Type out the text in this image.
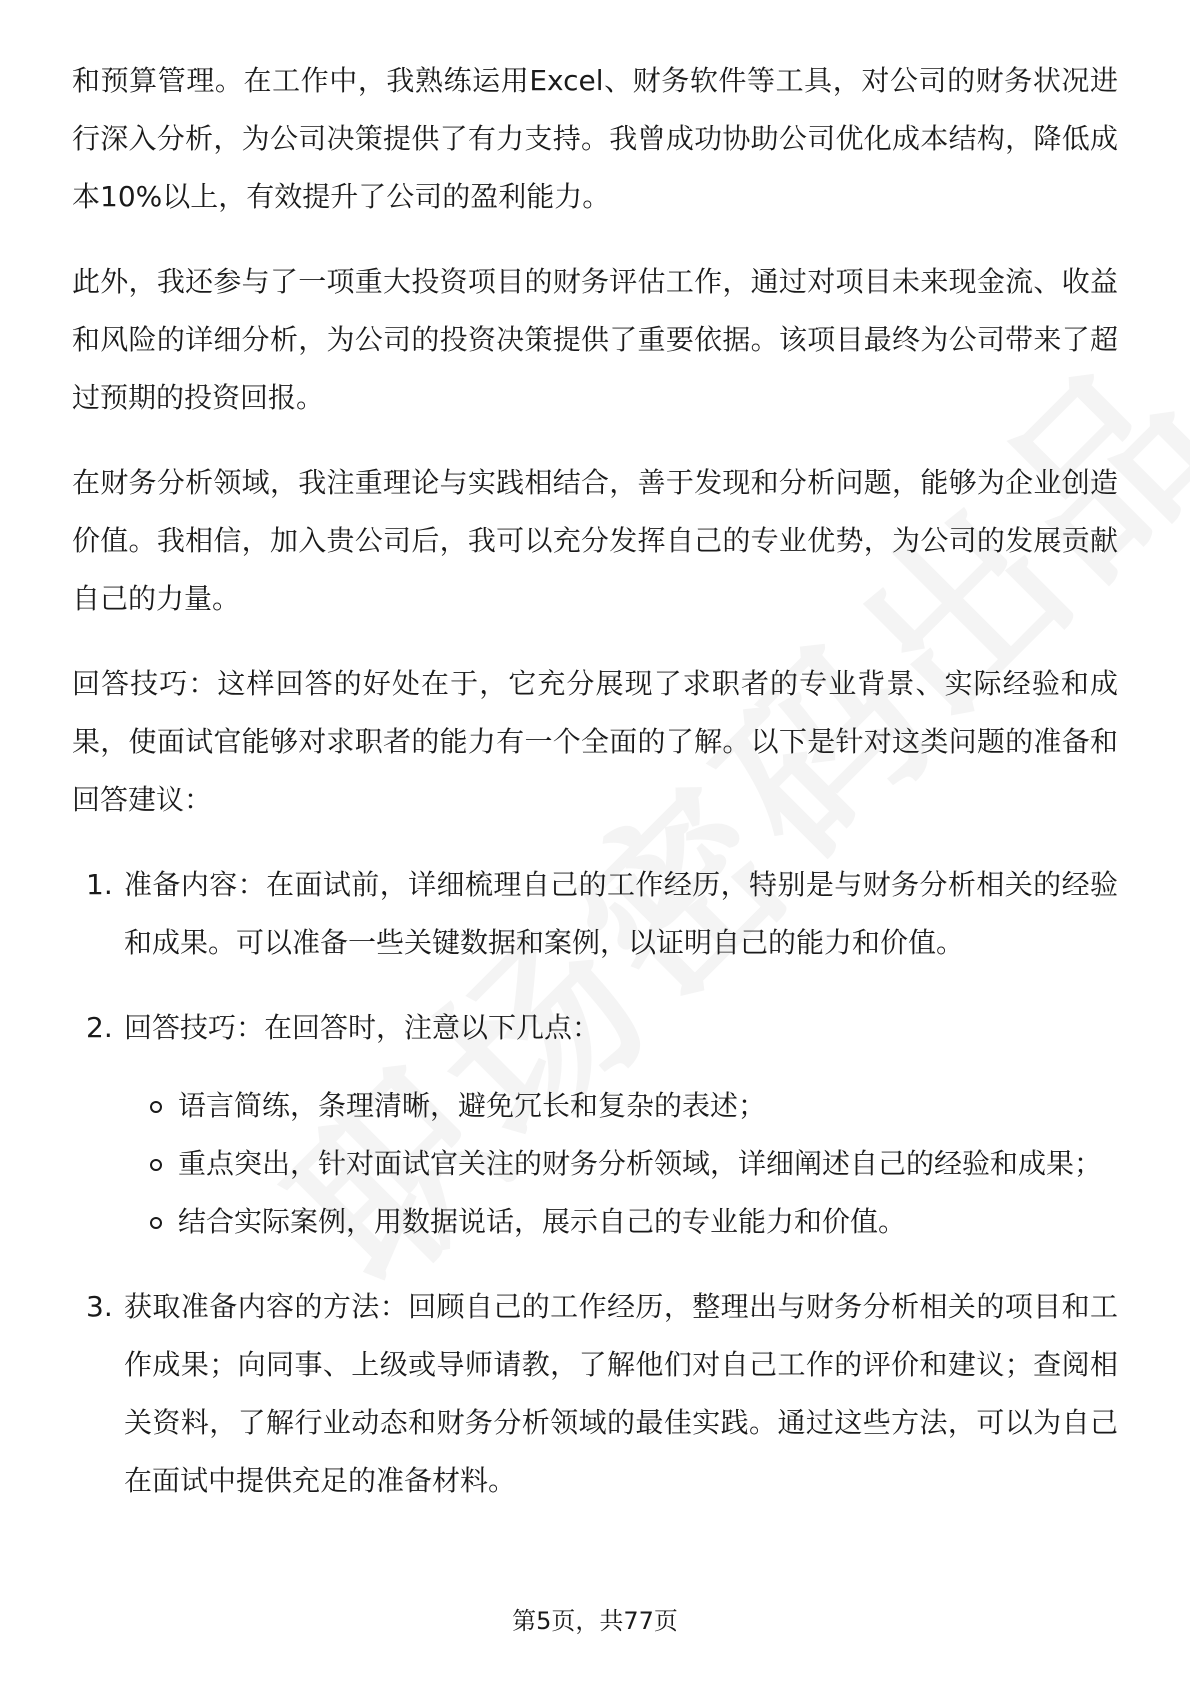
和预算管理。在工作中，我熟练运用Excel、财务软件等工具，对公司的财务状况进行深入分析，为公司决策提供了有力支持。我曾成功协助公司优化成本结构，降低成本10%以上，有效提升了公司的盈利能力。

此外，我还参与了一项重大投资项目的财务评估工作，通过对项目未来现金流、收益和风险的详细分析，为公司的投资决策提供了重要依据。该项目最终为公司带来了超过预期的投资回报。

在财务分析领域，我注重理论与实践相结合，善于发现和分析问题，能够为企业创造价值。我相信，加入贵公司后，我可以充分发挥自己的专业优势，为公司的发展贡献自己的力量。

回答技巧：这样回答的好处在于，它充分展现了求职者的专业背景、实际经验和成果，使面试官能够对求职者的能力有一个全面的了解。以下是针对这类问题的准备和回答建议：

1. 准备内容：在面试前，详细梳理自己的工作经历，特别是与财务分析相关的经验和成果。可以准备一些关键数据和案例，以证明自己的能力和价值。
2. 回答技巧：在回答时，注意以下几点：
语言简练，条理清晰，避免冗长和复杂的表述；
重点突出，针对面试官关注的财务分析领域，详细阐述自己的经验和成果；
结合实际案例，用数据说话，展示自己的专业能力和价值。
3. 获取准备内容的方法：回顾自己的工作经历，整理出与财务分析相关的项目和工作成果；向同事、上级或导师请教，了解他们对自己工作的评价和建议；查阅相关资料，了解行业动态和财务分析领域的最佳实践。通过这些方法，可以为自己在面试中提供充足的准备材料。
第5页，共77页
